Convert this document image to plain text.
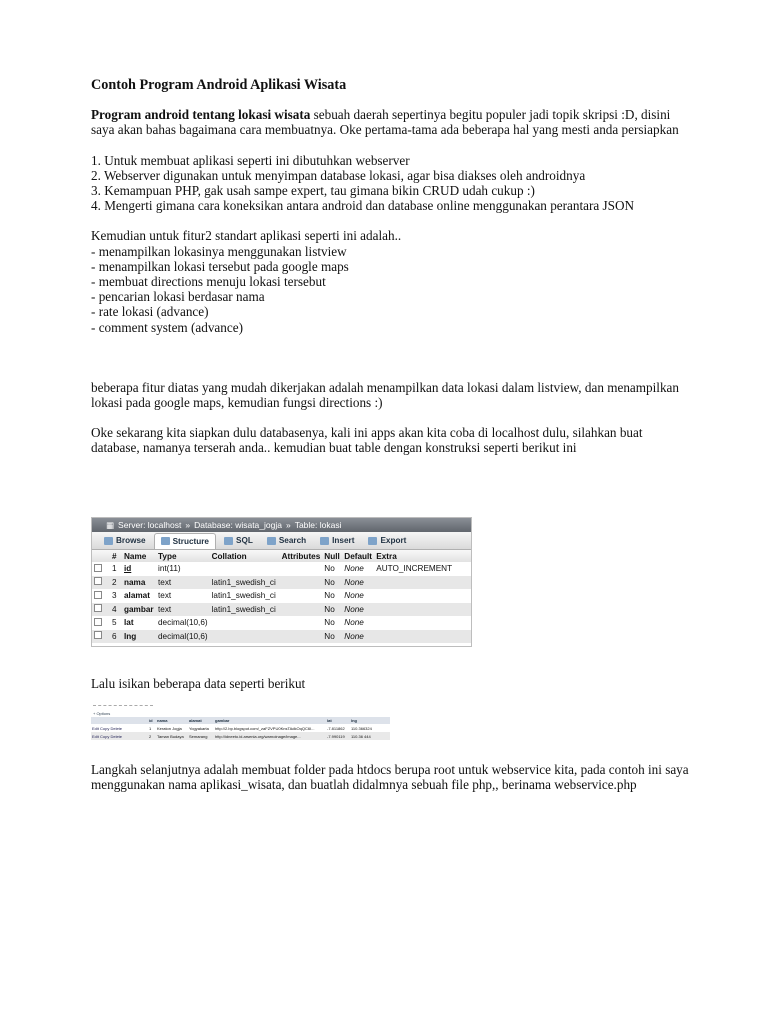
Contoh Program Android Aplikasi Wisata

Program android tentang lokasi wisata sebuah daerah sepertinya begitu populer jadi topik skripsi :D, disini saya akan bahas bagaimana cara membuatnya. Oke pertama-tama ada beberapa hal yang mesti anda persiapkan

1. Untuk membuat aplikasi seperti ini dibutuhkan webserver

2. Webserver digunakan untuk menyimpan database lokasi, agar bisa diakses oleh androidnya

3. Kemampuan PHP, gak usah sampe expert, tau gimana bikin CRUD udah cukup :)

4. Mengerti gimana cara koneksikan antara android dan database online menggunakan perantara JSON

Kemudian untuk fitur2 standart aplikasi seperti ini adalah..

- menampilkan lokasinya menggunakan listview

- menampilkan lokasi tersebut pada google maps

- membuat directions menuju lokasi tersebut

- pencarian lokasi berdasar nama

- rate lokasi (advance)

- comment system (advance)

beberapa fitur diatas yang mudah dikerjakan adalah menampilkan data lokasi dalam listview, dan menampilkan lokasi pada google maps, kemudian fungsi directions :)

Oke sekarang kita siapkan dulu databasenya, kali ini apps akan kita coba di localhost dulu, silahkan buat database, namanya terserah anda.. kemudian buat table dengan konstruksi seperti berikut ini

▦ Server: localhost » Database: wisata_jogja » Table: lokasi
Browse	Structure	SQL	Search	Insert	Export
	#	Name	Type	Collation	Attributes	Null	Default	Extra
	1	id	int(11)			No	None	AUTO_INCREMENT
	2	nama	text	latin1_swedish_ci		No	None	
	3	alamat	text	latin1_swedish_ci		No	None	
	4	gambar	text	latin1_swedish_ci		No	None	
	5	lat	decimal(10,6)			No	None	
	6	lng	decimal(10,6)			No	None	

Lalu isikan beberapa data seperti berikut

+ Options
	id	nama	alamat	gambar	lat	lng
Edit Copy Delete	1	Keraton Jogja	Yogyakarta	http://2.bp.blogspot.com/_zaFZVPU0KnsTAdkOqQC6I...	-7.811862	110.366324
Edit Copy Delete	2	Taman Budaya	Semarang	http://idneeto.id.arsenia.org/warnoinage/image...	-7.990119	110.36 444

Langkah selanjutnya adalah membuat folder pada htdocs berupa root untuk webservice kita, pada contoh ini saya menggunakan nama aplikasi_wisata, dan buatlah didalmnya sebuah file php,, berinama webservice.php
